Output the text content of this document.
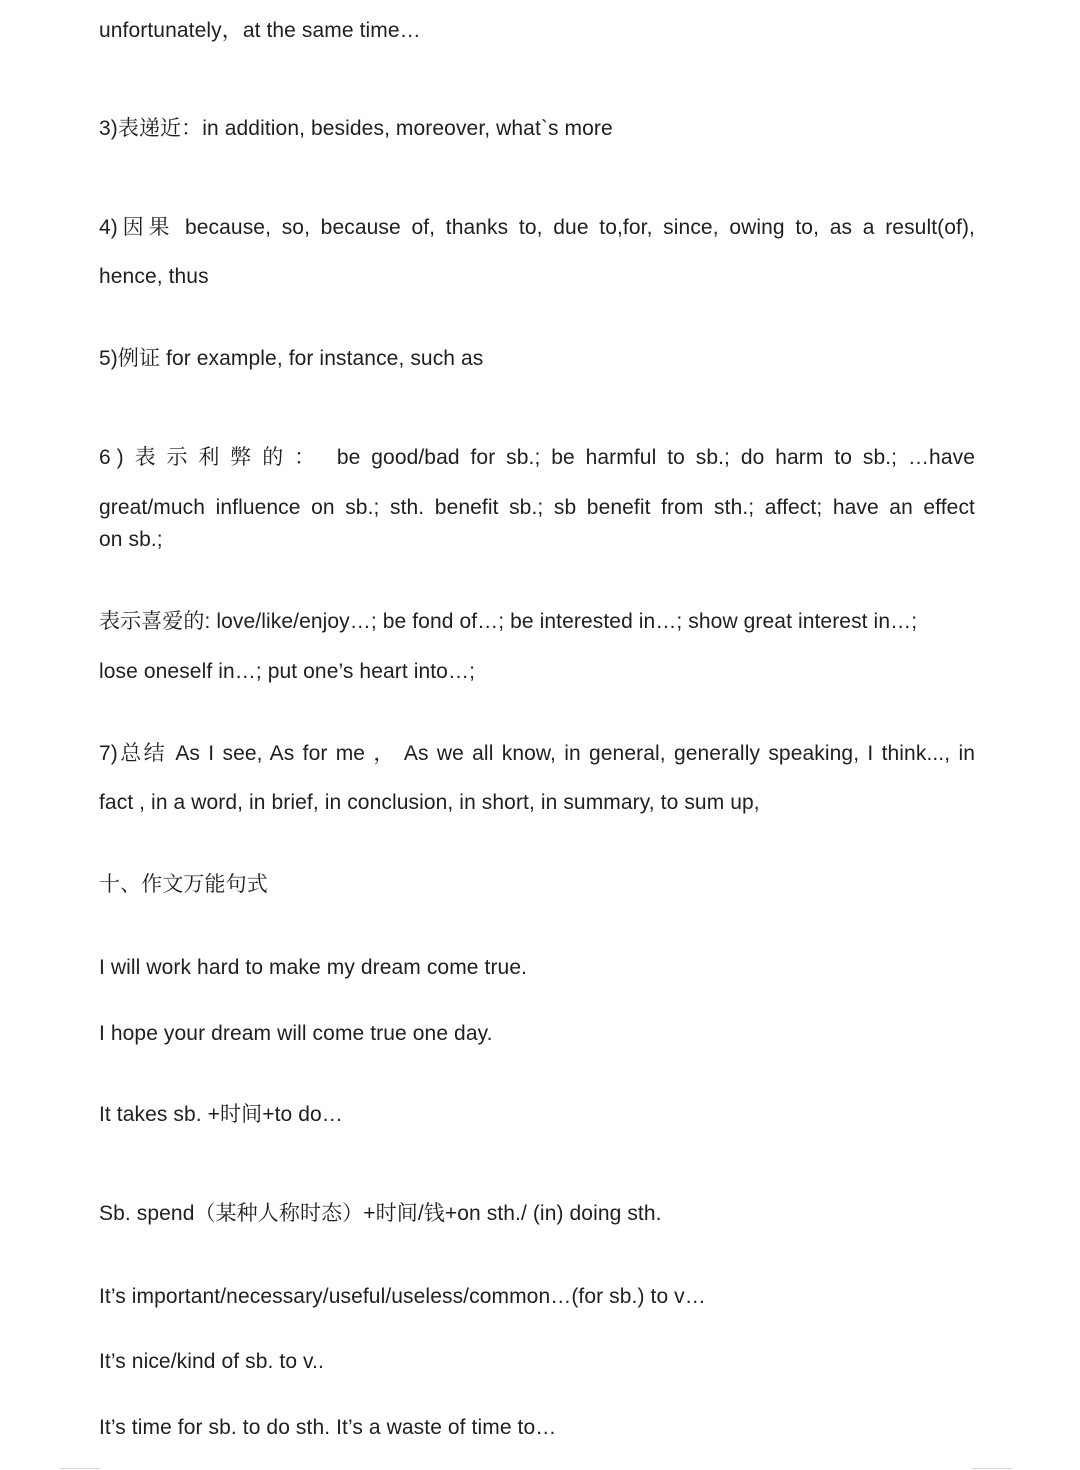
unfortunately，at the same time…
3)表递近：in addition, besides, moreover, what`s more
4)因果 because, so, because of, thanks to, due to,for, since, owing to, as a result(of),
hence, thus
5)例证 for example, for instance, such as
6)表示利弊的： be good/bad for sb.; be harmful to sb.; do harm to sb.; …have
great/much influence on sb.; sth. benefit sb.; sb benefit from sth.; affect; have an effect
on sb.;
表示喜爱的: love/like/enjoy…; be fond of…; be interested in…; show great interest in…;
lose oneself in…; put one’s heart into…;
7)总结 As I see, As for me ， As we all know, in general, generally speaking, I think..., in
fact , in a word, in brief, in conclusion, in short, in summary, to sum up,
十、作文万能句式
I will work hard to make my dream come true.
I hope your dream will come true one day.
It takes sb. +时间+to do…
Sb. spend（某种人称时态）+时间/钱+on sth./ (in) doing sth.
It’s important/necessary/useful/useless/common…(for sb.) to v…
It’s nice/kind of sb. to v..
It’s time for sb. to do sth. It’s a waste of time to…
